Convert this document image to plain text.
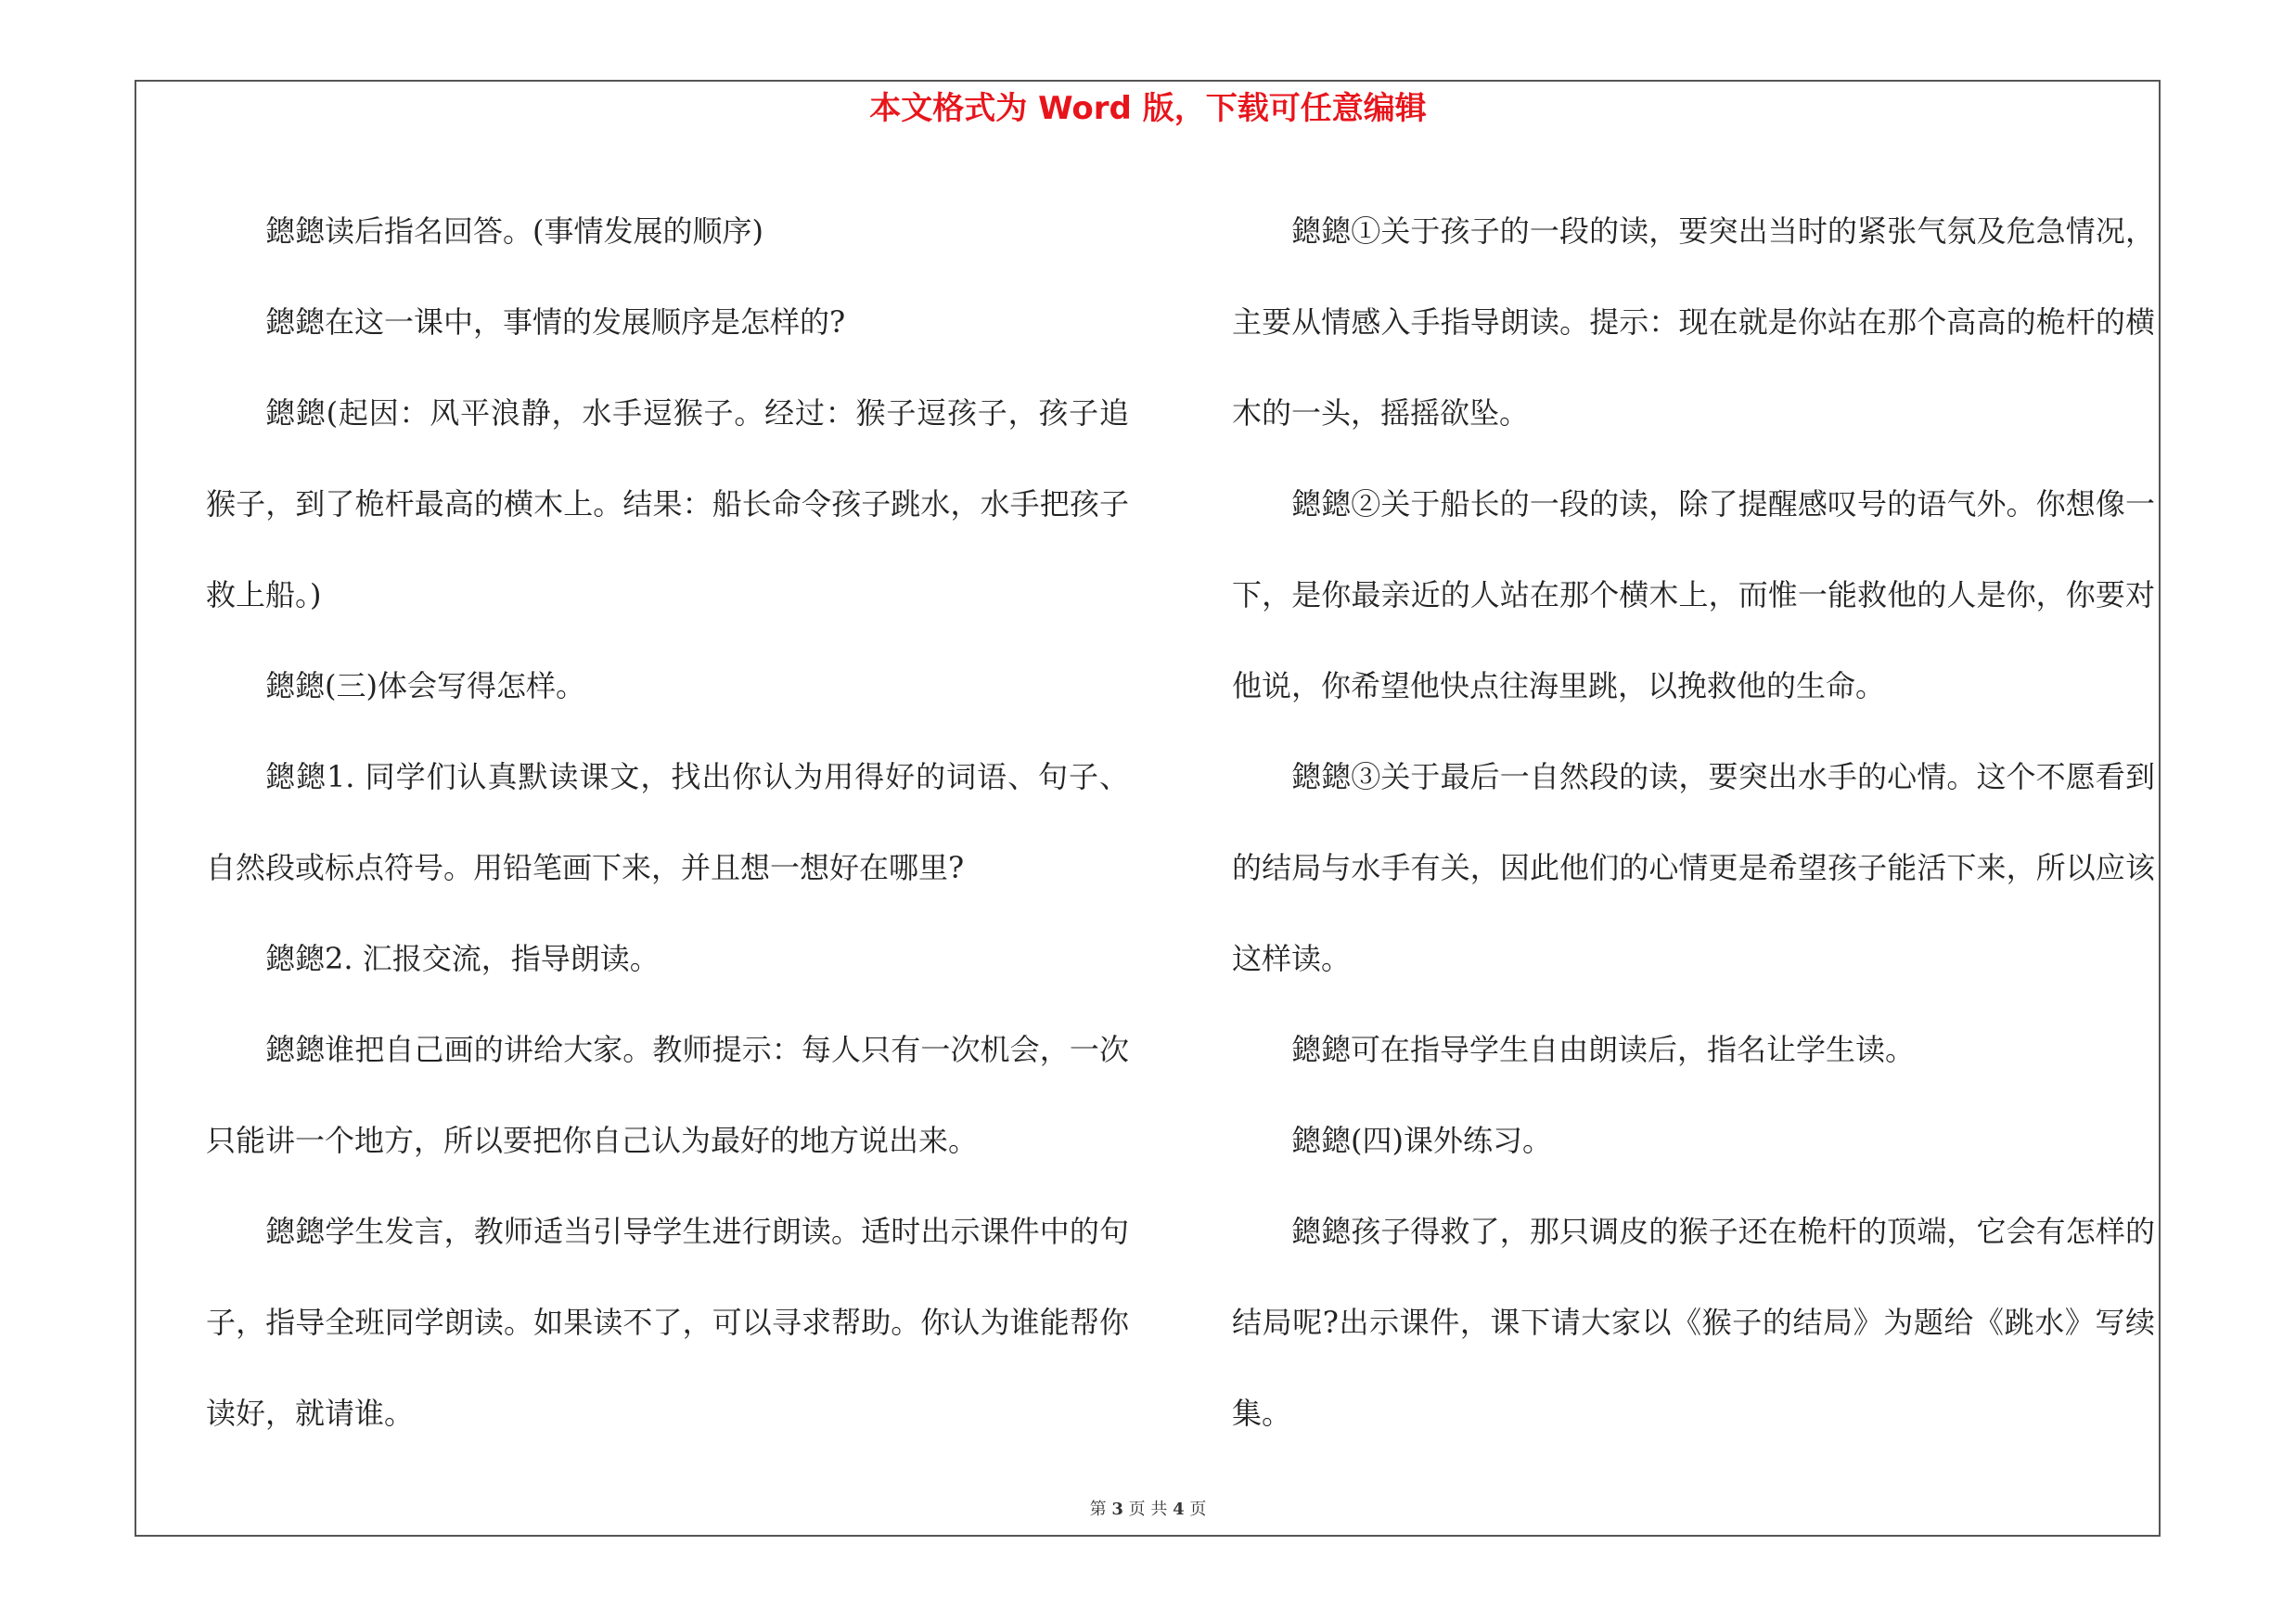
本文格式为 Word 版，下载可任意编辑

鏓鏓读后指名回答。(事情发展的顺序)

鏓鏓在这一课中，事情的发展顺序是怎样的?

鏓鏓(起因：风平浪静，水手逗猴子。经过：猴子逗孩子，孩子追猴子，到了桅杆最高的横木上。结果：船长命令孩子跳水，水手把孩子救上船。)

鏓鏓(三)体会写得怎样。

鏓鏓1. 同学们认真默读课文，找出你认为用得好的词语、句子、自然段或标点符号。用铅笔画下来，并且想一想好在哪里?

鏓鏓2. 汇报交流，指导朗读。

鏓鏓谁把自己画的讲给大家。教师提示：每人只有一次机会，一次只能讲一个地方，所以要把你自己认为最好的地方说出来。

鏓鏓学生发言，教师适当引导学生进行朗读。适时出示课件中的句子，指导全班同学朗读。如果读不了，可以寻求帮助。你认为谁能帮你读好，就请谁。

鏓鏓①关于孩子的一段的读，要突出当时的紧张气氛及危急情况，主要从情感入手指导朗读。提示：现在就是你站在那个高高的桅杆的横木的一头，摇摇欲坠。

鏓鏓②关于船长的一段的读，除了提醒感叹号的语气外。你想像一下，是你最亲近的人站在那个横木上，而惟一能救他的人是你，你要对他说，你希望他快点往海里跳，以挽救他的生命。

鏓鏓③关于最后一自然段的读，要突出水手的心情。这个不愿看到的结局与水手有关，因此他们的心情更是希望孩子能活下来，所以应该这样读。

鏓鏓可在指导学生自由朗读后，指名让学生读。

鏓鏓(四)课外练习。

鏓鏓孩子得救了，那只调皮的猴子还在桅杆的顶端，它会有怎样的结局呢?出示课件，课下请大家以《猴子的结局》为题给《跳水》写续集。

第 3 页 共 4 页
